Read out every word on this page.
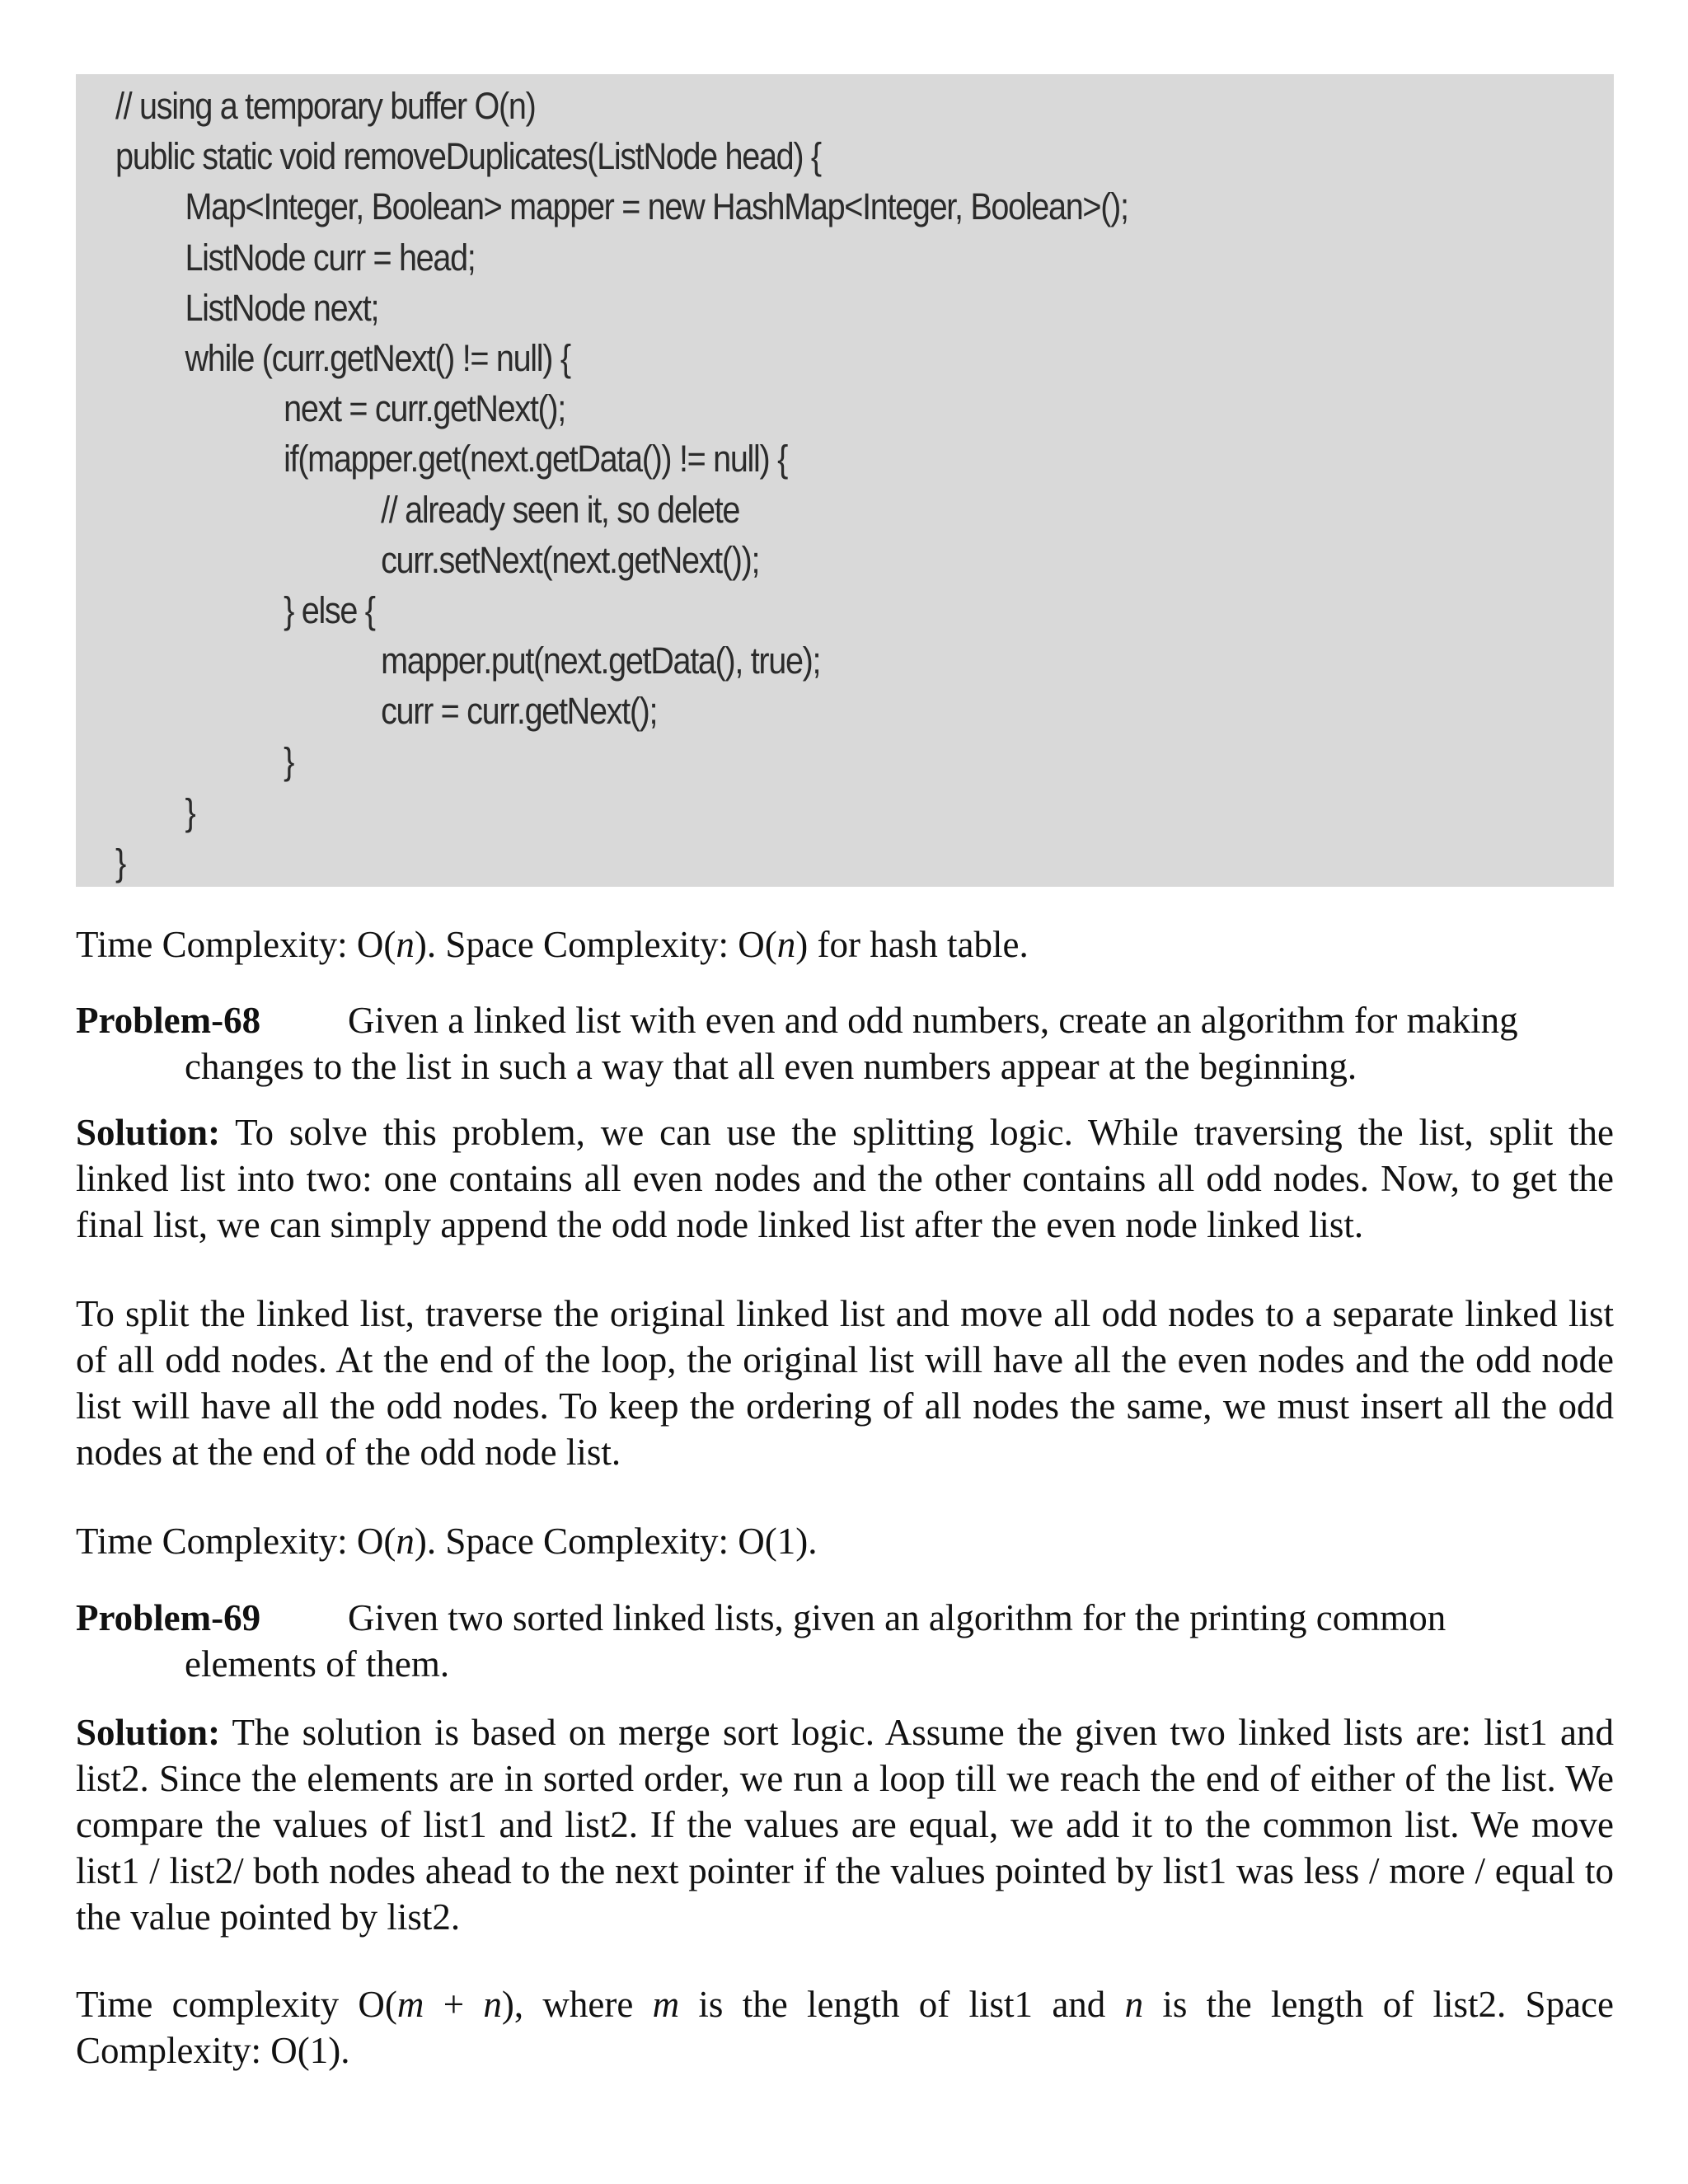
// using a temporary buffer O(n)
public static void removeDuplicates(ListNode head) {
Map<Integer, Boolean> mapper = new HashMap<Integer, Boolean>();
ListNode curr = head;
ListNode next;
while (curr.getNext() != null) {
next = curr.getNext();
if(mapper.get(next.getData()) != null) {
// already seen it, so delete
curr.setNext(next.getNext());
} else {
mapper.put(next.getData(), true);
curr = curr.getNext();
}
}
}

Time Complexity: O(n). Space Complexity: O(n) for hash table.

Problem-68 Given a linked list with even and odd numbers, create an algorithm for making

changes to the list in such a way that all even numbers appear at the beginning.

Solution: To solve this problem, we can use the splitting logic. While traversing the list, split the linked list into two: one contains all even nodes and the other contains all odd nodes. Now, to get the final list, we can simply append the odd node linked list after the even node linked list.

To split the linked list, traverse the original linked list and move all odd nodes to a separate linked list of all odd nodes. At the end of the loop, the original list will have all the even nodes and the odd node list will have all the odd nodes. To keep the ordering of all nodes the same, we must insert all the odd nodes at the end of the odd node list.

Time Complexity: O(n). Space Complexity: O(1).

Problem-69 Given two sorted linked lists, given an algorithm for the printing common

elements of them.

Solution: The solution is based on merge sort logic. Assume the given two linked lists are: list1 and list2. Since the elements are in sorted order, we run a loop till we reach the end of either of the list. We compare the values of list1 and list2. If the values are equal, we add it to the common list. We move list1 / list2/ both nodes ahead to the next pointer if the values pointed by list1 was less / more / equal to the value pointed by list2.

Time complexity O(m + n), where m is the length of list1 and n is the length of list2. Space Complexity: O(1).
